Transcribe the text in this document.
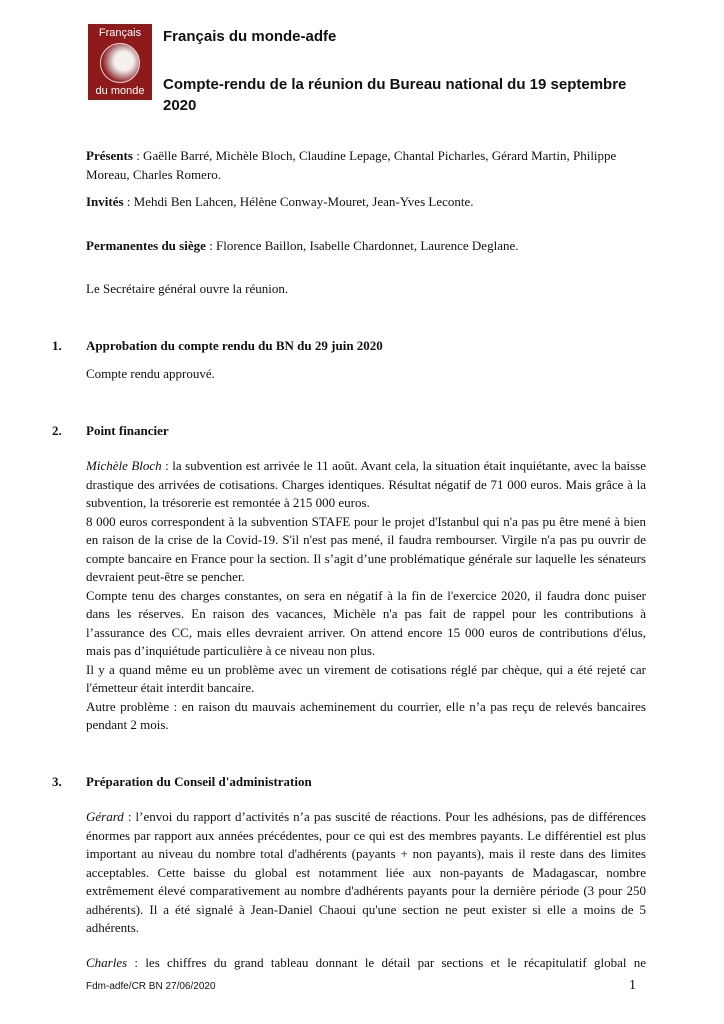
Français
du monde
Français du monde-adfe
Compte-rendu de la réunion du Bureau national du 19 septembre 2020

Présents : Gaëlle Barré, Michèle Bloch, Claudine Lepage, Chantal Picharles, Gérard Martin, Philippe Moreau, Charles Romero.

Invités : Mehdi Ben Lahcen, Hélène Conway-Mouret, Jean-Yves Leconte.

Permanentes du siège : Florence Baillon, Isabelle Chardonnet, Laurence Deglane.

Le Secrétaire général ouvre la réunion.

1. Approbation du compte rendu du BN du 29 juin 2020

Compte rendu approuvé.

2. Point financier

Michèle Bloch : la subvention est arrivée le 11 août. Avant cela, la situation était inquiétante, avec la baisse drastique des arrivées de cotisations. Charges identiques. Résultat négatif de 71 000 euros. Mais grâce à la subvention, la trésorerie est remontée à 215 000 euros.

8 000 euros correspondent à la subvention STAFE pour le projet d'Istanbul qui n'a pas pu être mené à bien en raison de la crise de la Covid-19. S'il n'est pas mené, il faudra rembourser. Virgile n'a pas pu ouvrir de compte bancaire en France pour la section. Il s’agit d’une problématique générale sur laquelle les sénateurs devraient peut-être se pencher.

Compte tenu des charges constantes, on sera en négatif à la fin de l'exercice 2020, il faudra donc puiser dans les réserves. En raison des vacances, Michèle n'a pas fait de rappel pour les contributions à l’assurance des CC, mais elles devraient arriver. On attend encore 15 000 euros de contributions d'élus, mais pas d’inquiétude particulière à ce niveau non plus.

Il y a quand même eu un problème avec un virement de cotisations réglé par chèque, qui a été rejeté car l'émetteur était interdit bancaire.

Autre problème : en raison du mauvais acheminement du courrier, elle n’a pas reçu de relevés bancaires pendant 2 mois.

3. Préparation du Conseil d'administration

Gérard : l’envoi du rapport d’activités n’a pas suscité de réactions. Pour les adhésions, pas de différences énormes par rapport aux années précédentes, pour ce qui est des membres payants. Le différentiel est plus important au niveau du nombre total d'adhérents (payants + non payants), mais il reste dans des limites acceptables. Cette baisse du global est notamment liée aux non-payants de Madagascar, nombre extrêmement élevé comparativement au nombre d'adhérents payants pour la dernière période (3 pour 250 adhérents). Il a été signalé à Jean-Daniel Chaoui qu'une section ne peut exister si elle a moins de 5 adhérents.

Charles : les chiffres du grand tableau donnant le détail par sections et le récapitulatif global ne

Fdm-adfe/CR BN 27/06/2020	1
